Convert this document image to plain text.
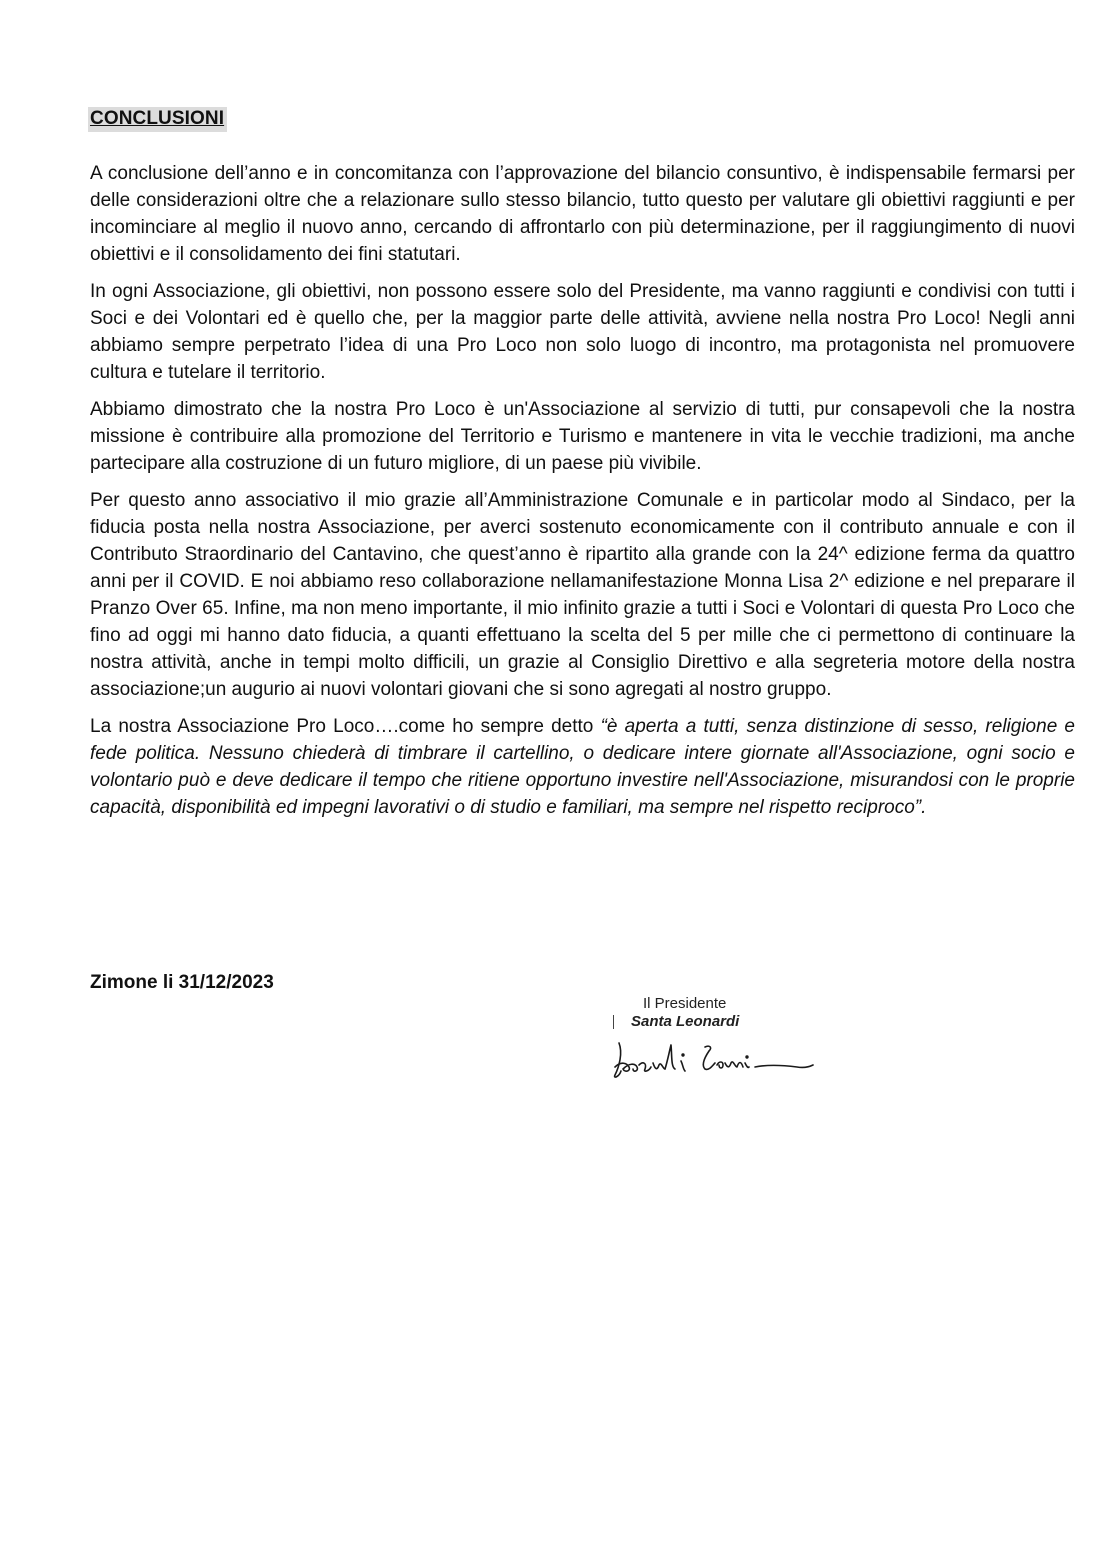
CONCLUSIONI

A conclusione dell’anno e in concomitanza con l’approvazione del bilancio consuntivo, è indispensabile fermarsi per delle considerazioni oltre che a relazionare sullo stesso bilancio, tutto questo per valutare gli obiettivi raggiunti e per incominciare al meglio il nuovo anno, cercando di affrontarlo con più determinazione, per il raggiungimento di nuovi obiettivi e il consolidamento dei fini statutari.

In ogni Associazione, gli obiettivi, non possono essere solo del Presidente, ma vanno raggiunti e condivisi con tutti i Soci e dei Volontari ed è quello che, per la maggior parte delle attività, avviene nella nostra Pro Loco! Negli anni abbiamo sempre perpetrato l’idea di una Pro Loco non solo luogo di incontro, ma protagonista nel promuovere cultura e tutelare il territorio.

Abbiamo dimostrato che la nostra Pro Loco è un'Associazione al servizio di tutti, pur consapevoli che la nostra missione è contribuire alla promozione del Territorio e Turismo e mantenere in vita le vecchie tradizioni, ma anche partecipare alla costruzione di un futuro migliore, di un paese più vivibile.

Per questo anno associativo il mio grazie all’Amministrazione Comunale e in particolar modo al Sindaco, per la fiducia posta nella nostra Associazione, per averci sostenuto economicamente con il contributo annuale e con il Contributo Straordinario del Cantavino, che quest’anno è ripartito alla grande con la 24^ edizione ferma da quattro anni per il COVID. E noi abbiamo reso collaborazione nellamanifestazione Monna Lisa 2^ edizione e nel preparare il Pranzo Over 65. Infine, ma non meno importante, il mio infinito grazie a tutti i Soci e Volontari di questa Pro Loco che fino ad oggi mi hanno dato fiducia, a quanti effettuano la scelta del 5 per mille che ci permettono di continuare la nostra attività, anche in tempi molto difficili, un grazie al Consiglio Direttivo e alla segreteria motore della nostra associazione;un augurio ai nuovi volontari giovani che si sono agregati al nostro gruppo.

La nostra Associazione Pro Loco….come ho sempre detto “è aperta a tutti, senza distinzione di sesso, religione e fede politica. Nessuno chiederà di timbrare il cartellino, o dedicare intere giornate all'Associazione, ogni socio e volontario può e deve dedicare il tempo che ritiene opportuno investire nell'Associazione, misurandosi con le proprie capacità, disponibilità ed impegni lavorativi o di studio e familiari, ma sempre nel rispetto reciproco”.

Zimone li 31/12/2023
Il Presidente
Santa Leonardi
